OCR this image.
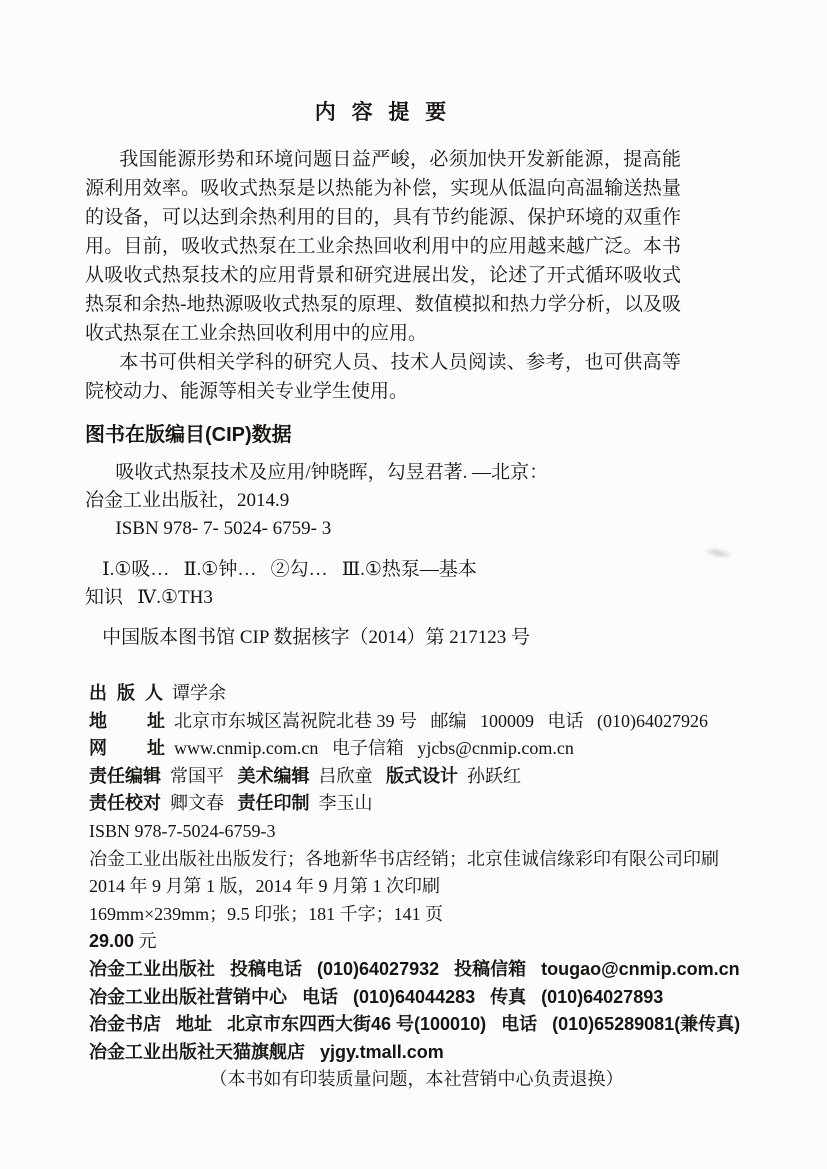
内 容 提 要

我国能源形势和环境问题日益严峻，必须加快开发新能源，提高能源利用效率。吸收式热泵是以热能为补偿，实现从低温向高温输送热量的设备，可以达到余热利用的目的，具有节约能源、保护环境的双重作用。目前，吸收式热泵在工业余热回收利用中的应用越来越广泛。本书从吸收式热泵技术的应用背景和研究进展出发，论述了开式循环吸收式热泵和余热-地热源吸收式热泵的原理、数值模拟和热力学分析，以及吸收式热泵在工业余热回收利用中的应用。

本书可供相关学科的研究人员、技术人员阅读、参考，也可供高等院校动力、能源等相关专业学生使用。

图书在版编目(CIP)数据
吸收式热泵技术及应用/钟晓晖，勾昱君著. —北京：
冶金工业出版社，2014.9
ISBN 978- 7- 5024- 6759- 3
Ⅰ.①吸…   Ⅱ.①钟…   ②勾…   Ⅲ.①热泵—基本
知识   Ⅳ.①TH3
中国版本图书馆 CIP 数据核字（2014）第 217123 号
出  版  人  谭学余
地        址  北京市东城区嵩祝院北巷 39 号   邮编   100009   电话   (010)64027926
网        址  www.cnmip.com.cn   电子信箱   yjcbs@cnmip.com.cn
责任编辑  常国平   美术编辑  吕欣童   版式设计  孙跃红
责任校对  卿文春   责任印制  李玉山
ISBN 978-7-5024-6759-3
冶金工业出版社出版发行；各地新华书店经销；北京佳诚信缘彩印有限公司印刷
2014 年 9 月第 1 版，2014 年 9 月第 1 次印刷
169mm×239mm；9.5 印张；181 千字；141 页
29.00 元
冶金工业出版社   投稿电话   (010)64027932   投稿信箱   tougao@cnmip.com.cn
冶金工业出版社营销中心   电话   (010)64044283   传真   (010)64027893
冶金书店   地址   北京市东四西大街46 号(100010)   电话   (010)65289081(兼传真)
冶金工业出版社天猫旗舰店   yjgy.tmall.com
（本书如有印装质量问题，本社营销中心负责退换）
